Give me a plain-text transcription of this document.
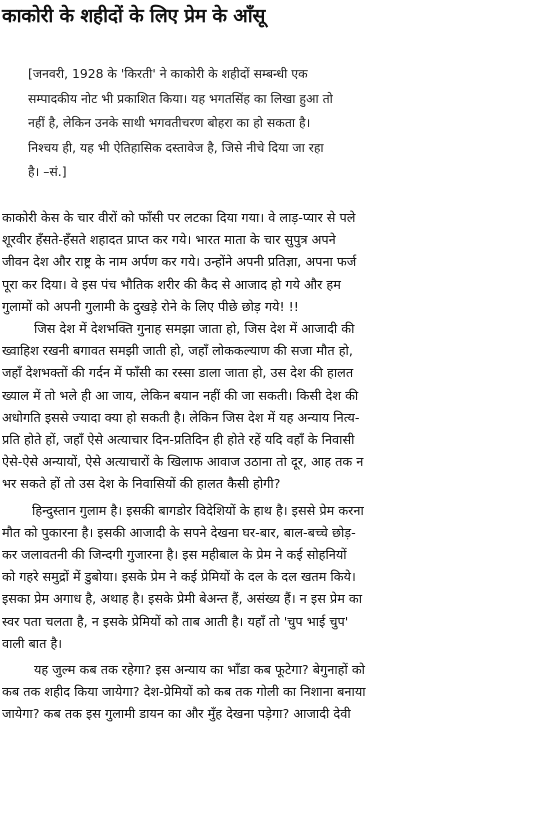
काकोरी के शहीदों के लिए प्रेम के आँसू
[जनवरी, 1928 के 'किरती' ने काकोरी के शहीदों सम्बन्धी एक
सम्पादकीय नोट भी प्रकाशित किया। यह भगतसिंह का लिखा हुआ तो
नहीं है, लेकिन उनके साथी भगवतीचरण बोहरा का हो सकता है।
निश्चय ही, यह भी ऐतिहासिक दस्तावेज है, जिसे नीचे दिया जा रहा
है। –सं.]
काकोरी केस के चार वीरों को फाँसी पर लटका दिया गया। वे लाड़-प्यार से पले
शूरवीर हँसते-हँसते शहादत प्राप्त कर गये। भारत माता के चार सुपुत्र अपने
जीवन देश और राष्ट्र के नाम अर्पण कर गये। उन्होंने अपनी प्रतिज्ञा, अपना फर्ज
पूरा कर दिया। वे इस पंच भौतिक शरीर की कैद से आजाद हो गये और हम
गुलामों को अपनी गुलामी के दुखड़े रोने के लिए पीछे छोड़ गये! !!
जिस देश में देशभक्ति गुनाह समझा जाता हो, जिस देश में आजादी की
ख्वाहिश रखनी बगावत समझी जाती हो, जहाँ लोककल्याण की सजा मौत हो,
जहाँ देशभक्तों की गर्दन में फाँसी का रस्सा डाला जाता हो, उस देश की हालत
ख्याल में तो भले ही आ जाय, लेकिन बयान नहीं की जा सकती। किसी देश की
अधोगति इससे ज्यादा क्या हो सकती है। लेकिन जिस देश में यह अन्याय नित्य-
प्रति होते हों, जहाँ ऐसे अत्याचार दिन-प्रतिदिन ही होते रहें यदि वहाँ के निवासी
ऐसे-ऐसे अन्यायों, ऐसे अत्याचारों के खिलाफ आवाज उठाना तो दूर, आह तक न
भर सकते हों तो उस देश के निवासियों की हालत कैसी होगी?
हिन्दुस्तान गुलाम है। इसकी बागडोर विदेशियों के हाथ है। इससे प्रेम करना
मौत को पुकारना है। इसकी आजादी के सपने देखना घर-बार, बाल-बच्चे छोड़-
कर जलावतनी की जिन्दगी गुजारना है। इस महीबाल के प्रेम ने कई सोहनियों
को गहरे समुद्रों में डुबोया। इसके प्रेम ने कई प्रेमियों के दल के दल खतम किये।
इसका प्रेम अगाध है, अथाह है। इसके प्रेमी बेअन्त हैं, असंख्य हैं। न इस प्रेम का
स्वर पता चलता है, न इसके प्रेमियों को ताब आती है। यहाँ तो 'चुप भाई चुप'
वाली बात है।
यह जुल्म कब तक रहेगा? इस अन्याय का भाँडा कब फूटेगा? बेगुनाहों को
कब तक शहीद किया जायेगा? देश-प्रेमियों को कब तक गोली का निशाना बनाया
जायेगा? कब तक इस गुलामी डायन का और मुँह देखना पड़ेगा? आजादी देवी
